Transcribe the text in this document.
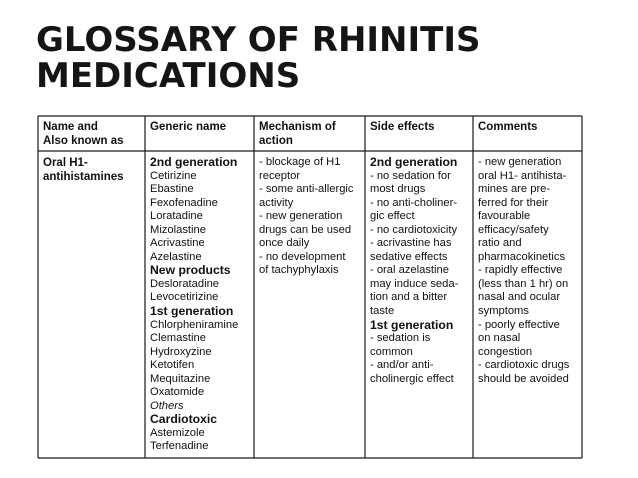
GLOSSARY OF RHINITIS
MEDICATIONS
Name and
Also known as
Generic name	Mechanism of
action
Side effects	Comments
Oral H1-
antihistamines
2nd generation
Cetirizine
Ebastine
Fexofenadine
Loratadine
Mizolastine
Acrivastine
Azelastine
New products
Desloratadine
Levocetirizine
1st generation
Chlorpheniramine
Clemastine
Hydroxyzine
Ketotifen
Mequitazine
Oxatomide
Others
Cardiotoxic
Astemizole
Terfenadine
- blockage of H1
receptor
- some anti-allergic
activity
- new generation
drugs can be used
once daily
- no development
of tachyphylaxis
2nd generation
- no sedation for
most drugs
- no anti-choliner-
gic effect
- no cardiotoxicity
- acrivastine has
sedative effects
- oral azelastine
may induce seda-
tion and a bitter
taste
1st generation
- sedation is
common
- and/or anti-
cholinergic effect
- new generation
oral H1- antihista-
mines are pre-
ferred for their
favourable
efficacy/safety
ratio and
pharmacokinetics
- rapidly effective
(less than 1 hr) on
nasal and ocular
symptoms
- poorly effective
on nasal
congestion
- cardiotoxic drugs
should be avoided
